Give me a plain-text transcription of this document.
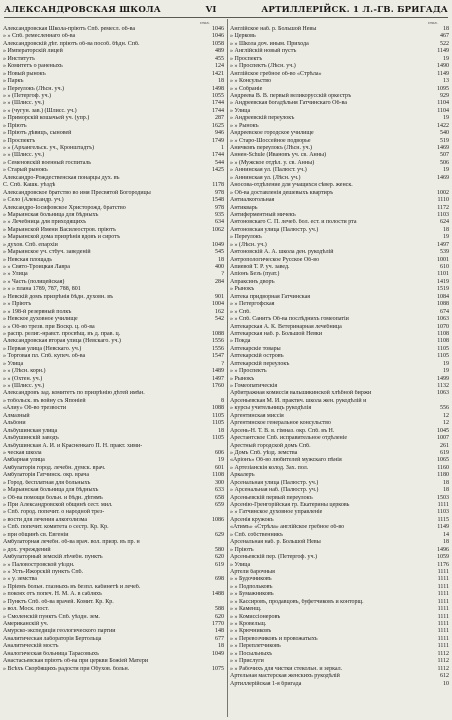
АЛЕКСАНДРОВСКАЯ ШКОЛА	VI	АРТИЛЛЕРІЙСК. 1 Л.-ГВ. БРИГАДА
стол.	стол.
Александровская Школа-пріютъ Спб. ремесл. об-ва	1046
» » Спб. ремесленнаго об-ва	1046
Александровскій дѣт. пріютъ об-ва пособ. бѣдн. Спб.	1058
» Императорскій лицей	489
» Институтъ	455
» Комитетъ о раненыхъ	124
» Новый рынокъ	1421
» Паркъ	18
» Переулокъ (Лѣсн. уч.)	1498
» » (Петергоф. уч.)	1055
» » (Шлисс. уч.)	1744
» » (чугун. зав.) (Шлисс. уч.)	1744
» Приморскій кошачьей уч. (упр.)	287
» Пріютъ	1625
» Пріютъ дѣвицъ, сыновей	946
» Проспектъ	1749
» » (Архангельск. уч., Кронштадтъ)	1
» » (Шлисс. уч.)	1744
» Семеновскій военный госпиталь	544
» Старый рынокъ	1425
Александро-Рождественская понарцы дух. въ
С. Спб. Кашк. уѣздѣ	1178
Александровское братство во имя Пресвятой Богородицы	978
» Село (Александр. уч.)	1548
Александро-Іосифовское Христорожд. братство	978
» Марьинская больница для бѣдныхъ	935
» » Лечебница для приходящихъ	634
» Марьинской Имени Василеостров. пріютъ	1062
» Марьинской дома призрѣнія вдовъ и сиротъ
» духов. Спб. епархіи	1049
» Марьинское уч. стбуч. заведеній	545
» Невская площадь	18
» » Свято-Троицкая Лавра	400
» » Улица	?
» » Часть (полицейская)	284
» » » плана 1789, 787, 788, 801
» Невскій домъ призрѣнія бѣдн. духовн. въ	901
» » Пріютъ	1004
» » 198-й резервный полкъ	162
» Невское духовное училище	542
» » Об-во трезв. при Воскр. ц. об-ва
» распр. религ.-нравст. просвѣщ. въ д. прав. ц.	1088
Александровская вторая улица (Невскаго. уч.)	1556
» Первая улица (Невскаго. уч.)	1556
» Торговая пл. Спб. купеч. об-ва	1547
» Улица	?
» » (Лѣсн. корн.)	1489
» » (Охтен. уч.)	1497
» » (Шлисс. уч.)	1760
Александровъ зад. комитетъ по призрѣнію дѣтей имѣн.
» тобольск. въ войну съ Японіей	8
«Алиу» Об-во трезвости	1088
Алмазный	1105
Альбони	1105
Альбушинская улица	18
Альбушинскій заводъ	1105
Альбушинская А. И. и Красненкаго П. Н. практ. хими-
» ческая школа	606
Амбарная улица	19
Амбулаторія город. лечебн. думск. врач.	601
Амбулаторія Гатчинск. окр. врача	1108
» Город. бесплатная для больныхъ	300
» Марьинская больница для бѣдныхъ	633
» Об-ва помощи больн. и бѣдн. дѣтямъ	658
» При Александровской общинѣ сест. мил.	659
» Спб. город. попечит. о народной трез-
» вости для лечения алкоголизма	1086
» Спб. попечит. комитета о сестр. Кр. Кр.
» при общинѣ св. Евгеніи	629
Амбулаторная лечебн. об-ва врач. вол. призр. въ пр. н
» дох. учреждений	580
Амбулаторный земскій лѣчебн. пунктъ	620
» » Паловостровской уѣздн.	619
» » Усть-Ижорскій пунктъ Спб.
» » у. земства	698
» Пріемъ больн. глазныхъ въ безпл. кабинетѣ и лечеб.
» покоях отъ попеч. Н. М. А. в сабляхъ	1488
» Пунктъ Спб. об-ва врачей. Комит. Кр. Кр.
» вол. Моск. пост.	588
» Смоленскій пунктъ Спб. уѣздн. зем.	620
Американскій уч.	1770
Амурско-экспедиціи геологического партии	148
Аналитическая лабораторія Бертольца	677
Аналитическій мостъ	18
Аналогическая больница Тарасовыхъ	1049
Анастасьевская пріютъ об-ва при церкви Божіей Матери
» Всѣхъ Скорбящихъ радости при Обухов. больн.	1075
Англійское наб. р. Большой Невы	18
» Церковь	467
» » Школа доч. иным. Прихода	522
» Англійскій новый пустъ	1149
» Проспектъ	19
» » Проспектъ (Лѣсн. уч.)	1490
Англійское гребное об-во «Стрѣла»	1149
» » Консульство	13
» » Собраніе	1095
Андреева В. В. первый великорусскій оркестръ	929
» Андреевская богадѣльня Гатчинскаго Об-ва	1104
» Улица	1104
» Андреевскій переулокъ	19
» » Рынокъ	1422
Андреевское городское училище	540
» » Старо-Шоссейное подворье	519
Аничковъ переулокъ (Лѣсн. уч.)	1469
Аннен-Schule (Ивановъ уч. св. Анны)	507
» » (Мужское отдѣл. у. св. Анны)	506
» Аннинская ул. (Палюст. уч.)	19
» Аннинская ул. (Лѣсн. уч.)	1469
Аносова-отдѣление для учащихся сѣвер. женск.
» Об-ва доставленія дешевыхъ квартиръ	1002
Антиалкогольная	1110
Антикварь	1172
Антиферментный мичекъ	1103
Антоновскаго С. П. лечеб. бол. ест. и полости рта	624
Антоновская улица (Палюстр. уч.)	18
» Переулокъ	19
» » (Лѣсн. уч.)	1497
Антоновскій А. А. школа ден. рукодѣлій	539
Антропологическое Русское Об-во	1001
Апиевой Т. Р. уч. завед.	610
Апіонъ Безъ (пуат.)	1101
Апраксинъ дворъ	1419
» Рынокъ	1519
Аптека придворная Гатчинская	1084
» » Петергофская	1088
» » Спб.	674
» » Спб. Санитъ Об-ва послѣднихъ гомеопатіи	1063
Аптекарская А. К. Ветеринарная лечебница	1070
Аптекарская наб. р. Большой Невки	1108
» Покда	1108
Аптекарскіе товары	1105
Аптекарскій островъ	1105
Аптекарскій переулокъ	19
» » Проспектъ	19
» Рынокъ	1499
» Гомеопатическія	1132
Арбитражная комиссія вальшикинской хлѣбной биржи	1063
Арсеньевская М. И. практич. школа жен. рукодѣлій и
» курсы учительницъ рукодѣлія	556
Аргентинская миссія	12
Аргентинское генеральное консульство	12
Арсень-Н. Т. В. в. гімназ. окр. Спб. въ Н.	1045
Арестантское Спб. исправительное отдѣленіе	1007
Арестный городской домъ Спб.	261
» Домъ Спб. уѣзд. земства	619
«Аріонъ» Об-во любителей мужскаго пѣнія	1065
» Артезіанскія колод. Зах. пол.	1160
Аркалеръ	1180
Арсенальная улица (Палюстр. уч.)	18
» Арсенальная наб. (Палюстр. уч.)	18
Арсеньевскій первый переулокъ	1503
Арсенію-Гренгорійская гр. Екатерины церковь	1111
» » Гатчинское духовное управленіе	1103
Арсенія кружокъ	1115
«Атимъ» «Стрѣла» англійское гребное об-во	1149
» Спб. собственникъ	14
Арсенальная наб. р. Большой Невы	18
» Пріютъ	1496
Арсеньевскій пер. (Петергоф. уч.)	1059
» Улица	1176
Артели барочныя	1111
» » Будочниковъ	1111
» » Подпольковъ	1111
» » Бумажниковъ	1111
» » Кассировъ, продавцовъ, буфетчиковъ и конторщ.	1111
» » Каменщ.	1111
» » Комиссіонеровъ	1111
» » Кровельщ.	1111
» » Крючниковъ	1111
» » Перевозчиковъ и провожатыхъ	1111
» » Переплетчиковъ	1111
» » Посыльныхъ	1112
» » Прислуги	1112
» » Рабочихъ для чистки стекольн. и зеркал.	1112
Артельная мастерская женскихъ рукодѣлій	612
Артиллерійская 1-я бригада	10
